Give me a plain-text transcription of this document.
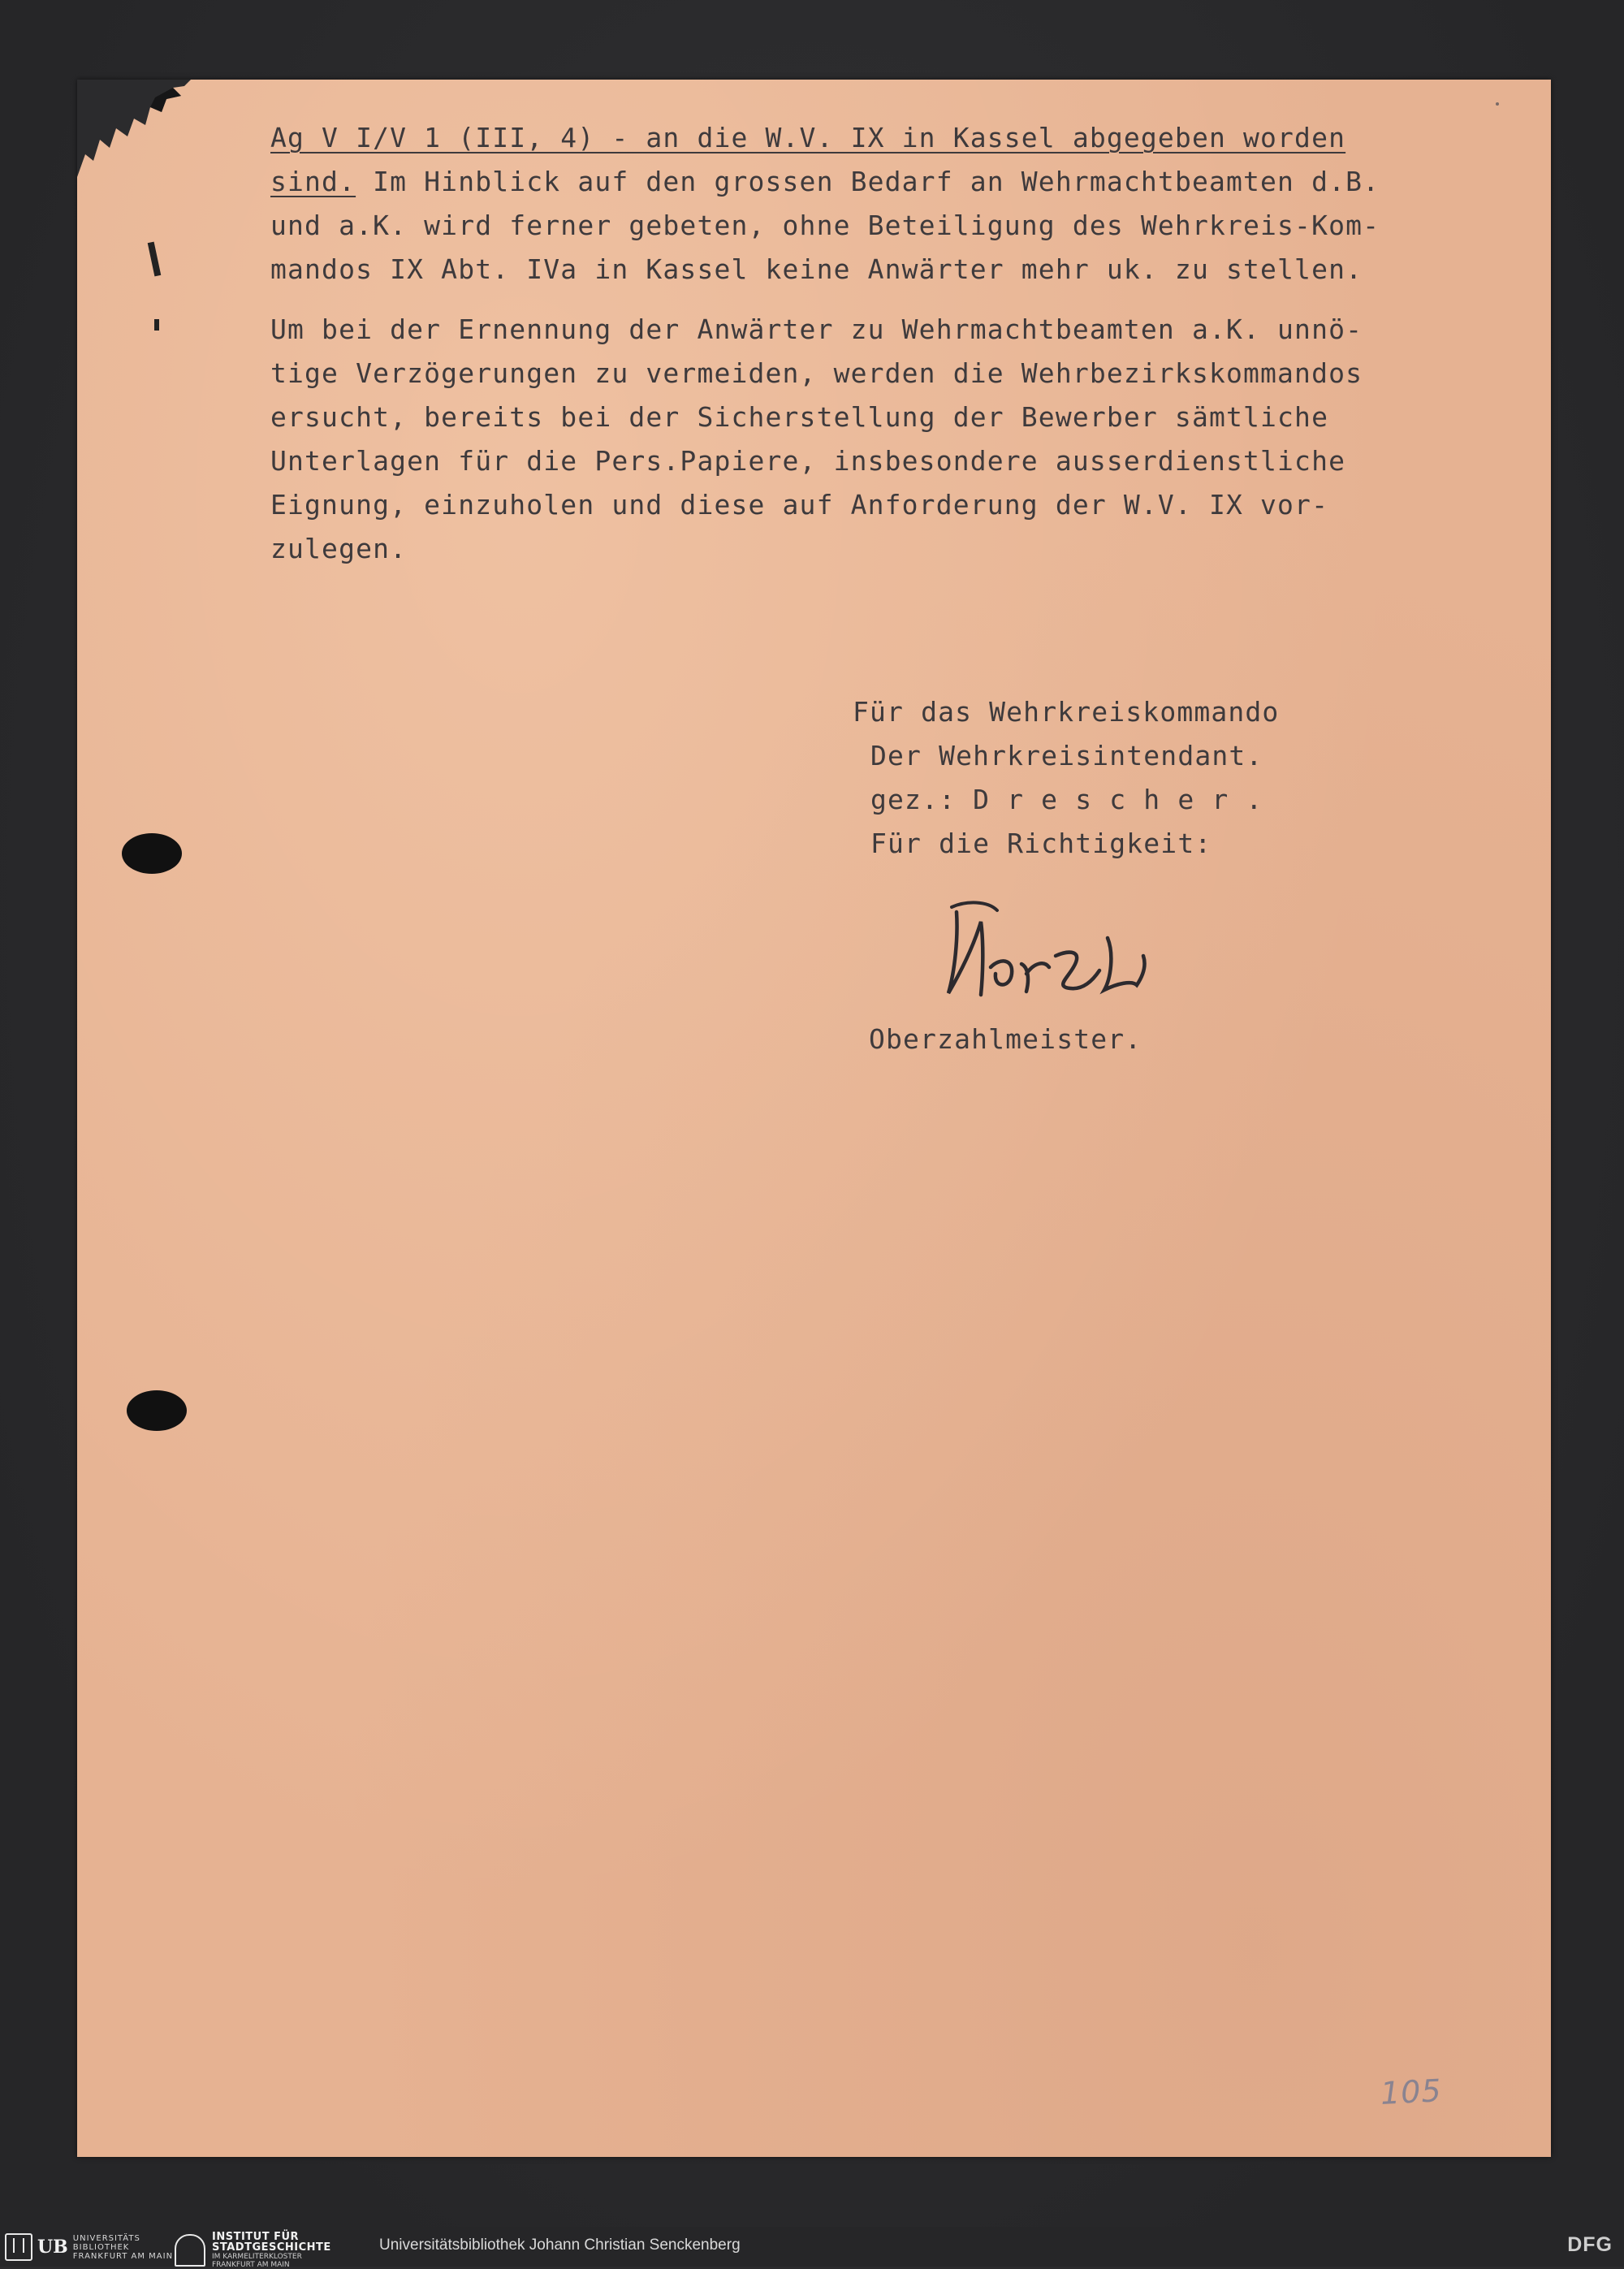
Ag V I/V 1 (III, 4) - an die W.V. IX in Kassel abgegeben worden
sind. Im Hinblick auf den grossen Bedarf an Wehrmachtbeamten d.B.
und a.K. wird ferner gebeten, ohne Beteiligung des Wehrkreis-Kom-
mandos IX Abt. IVa in Kassel keine Anwärter mehr uk. zu stellen.
Um bei der Ernennung der Anwärter zu Wehrmachtbeamten a.K. unnö-
tige Verzögerungen zu vermeiden, werden die Wehrbezirkskommandos
ersucht, bereits bei der Sicherstellung der Bewerber sämtliche
Unterlagen für die Pers.Papiere, insbesondere ausserdienstliche
Eignung, einzuholen und diese auf Anforderung der W.V. IX vor-
zulegen.
Für das Wehrkreiskommando
Der Wehrkreisintendant.
gez.: D r e s c h e r .
Für die Richtigkeit:
Oberzahlmeister.
105
UB UNIVERSITÄTS
BIBLIOTHEK
FRANKFURT AM MAIN
INSTITUT FÜR
STADTGESCHICHTE
IM KARMELITERKLOSTER
FRANKFURT AM MAIN
Universitätsbibliothek Johann Christian Senckenberg	DFG
